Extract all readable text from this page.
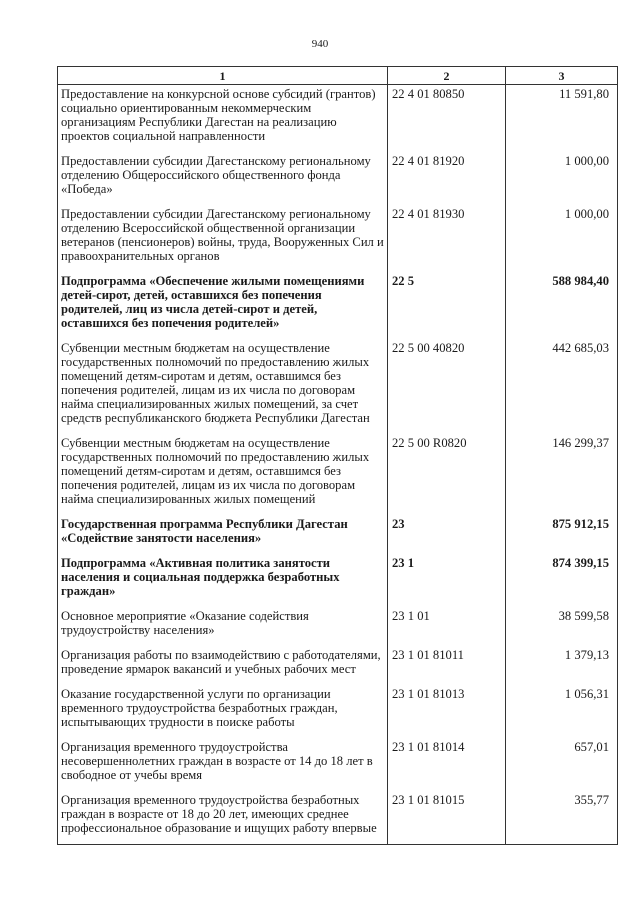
940
1	2	3
Предоставление на конкурсной основе субсидий (грантов) социально ориентированным некоммерческим организациям Республики Дагестан на реализацию проектов социальной направленности	22 4 01 80850	11 591,80
Предоставлении субсидии Дагестанскому региональному отделению Общероссийского общественного фонда «Победа»	22 4 01 81920	1 000,00
Предоставлении субсидии Дагестанскому региональному отделению Всероссийской общественной организации ветеранов (пенсионеров) войны, труда, Вооруженных Сил и правоохранительных органов	22 4 01 81930	1 000,00
Подпрограмма «Обеспечение жилыми помещениями детей-сирот, детей, оставшихся без попечения родителей, лиц из числа детей-сирот и детей, оставшихся без попечения родителей»	22 5	588 984,40
Субвенции местным бюджетам на осуществление государственных полномочий по предоставлению жилых помещений детям-сиротам и детям, оставшимся без попечения родителей, лицам из их числа по договорам найма специализированных жилых помещений, за счет средств республиканского бюджета Республики Дагестан	22 5 00 40820	442 685,03
Субвенции местным бюджетам на осуществление государственных полномочий по предоставлению жилых помещений детям-сиротам и детям, оставшимся без попечения родителей, лицам из их числа по договорам найма специализированных жилых помещений	22 5 00 R0820	146 299,37
Государственная программа Республики Дагестан «Содействие занятости населения»	23	875 912,15
Подпрограмма «Активная политика занятости населения и социальная поддержка безработных граждан»	23 1	874 399,15
Основное мероприятие «Оказание содействия трудоустройству населения»	23 1 01	38 599,58
Организация работы по взаимодействию с работодателями, проведение ярмарок вакансий и учебных рабочих мест	23 1 01 81011	1 379,13
Оказание государственной услуги по организации временного трудоустройства безработных граждан, испытывающих трудности в поиске работы	23 1 01 81013	1 056,31
Организация временного трудоустройства несовершеннолетних граждан в возрасте от 14 до 18 лет в свободное от учебы время	23 1 01 81014	657,01
Организация временного трудоустройства безработных граждан в возрасте от 18 до 20 лет, имеющих среднее профессиональное образование и ищущих работу впервые	23 1 01 81015	355,77
